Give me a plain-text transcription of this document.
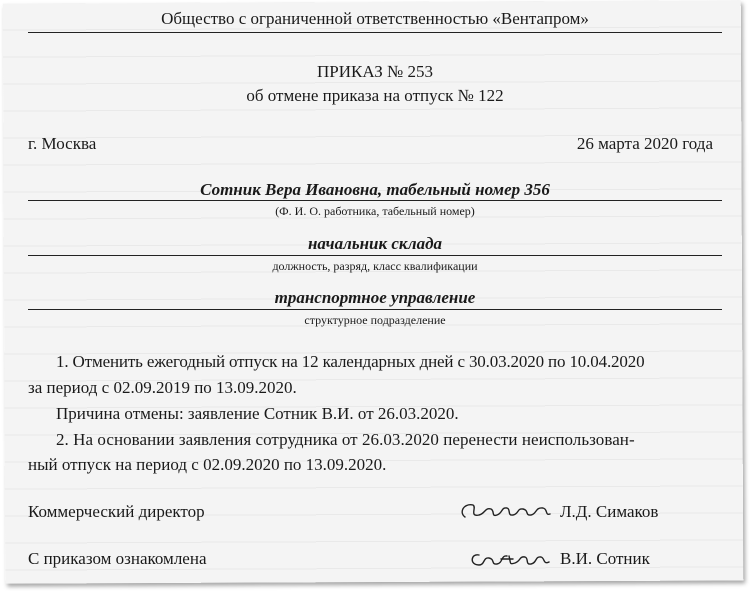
Общество с ограниченной ответственностью «Вентапром»
ПРИКАЗ № 253
об отмене приказа на отпуск № 122
г. Москва	26 марта 2020 года
Сотник Вера Ивановна, табельный номер 356
(Ф. И. О. работника, табельный номер)
начальник склада
должность, разряд, класс квалификации
транспортное управление
структурное подразделение
1. Отменить ежегодный отпуск на 12 календарных дней с 30.03.2020 по 10.04.2020
за период с 02.09.2019 по 13.09.2020.
Причина отмены: заявление Сотник В.И. от 26.03.2020.
2. На основании заявления сотрудника от 26.03.2020 перенести неиспользован-
ный отпуск на период с 02.09.2020 по 13.09.2020.
Коммерческий директор	Л.Д. Симаков
С приказом ознакомлена	В.И. Сотник
